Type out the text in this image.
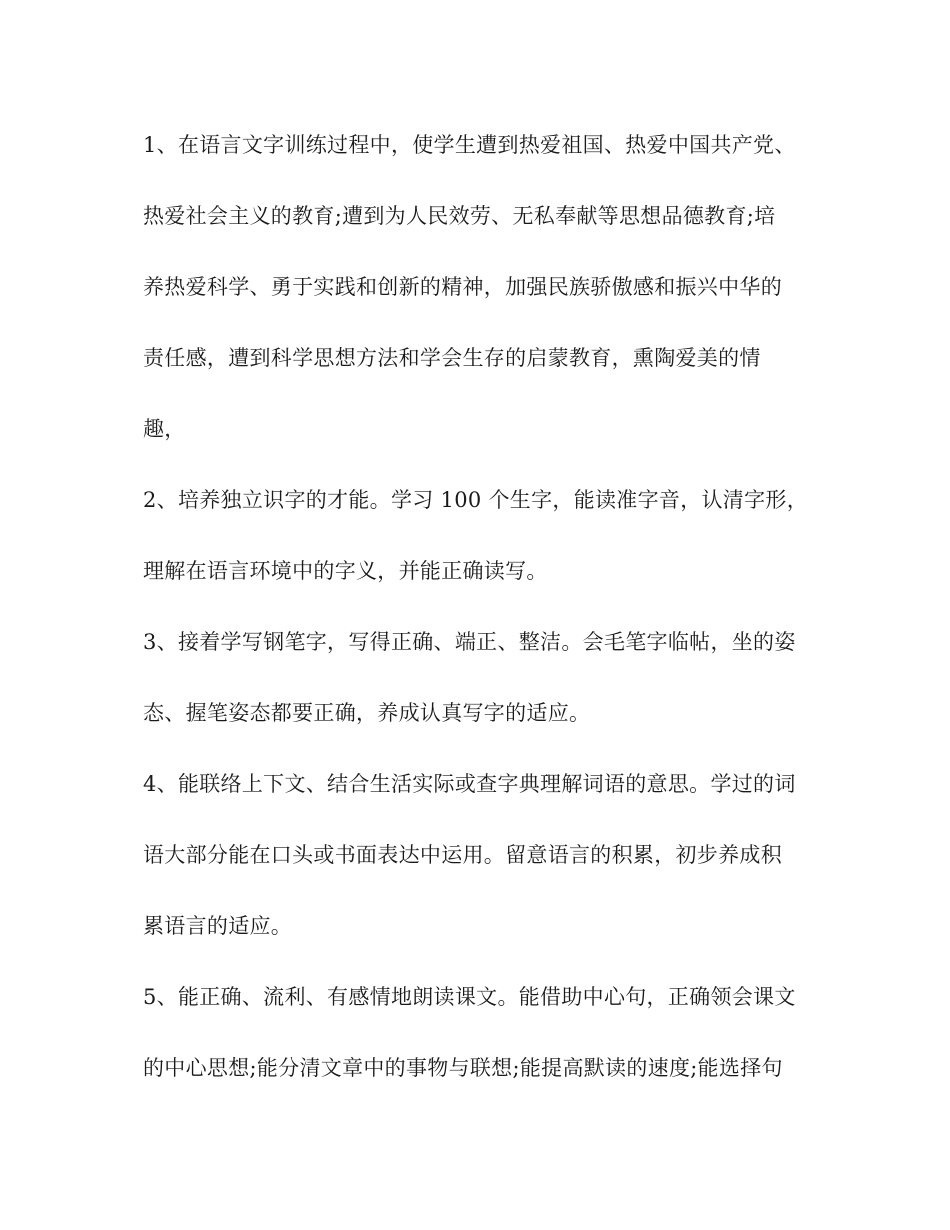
1、在语言文字训练过程中，使学生遭到热爱祖国、热爱中国共产党、
热爱社会主义的教育;遭到为人民效劳、无私奉献等思想品德教育;培
养热爱科学、勇于实践和创新的精神，加强民族骄傲感和振兴中华的
责任感，遭到科学思想方法和学会生存的启蒙教育，熏陶爱美的情
趣，
2、培养独立识字的才能。学习 100 个生字，能读准字音，认清字形，
理解在语言环境中的字义，并能正确读写。
3、接着学写钢笔字，写得正确、端正、整洁。会毛笔字临帖，坐的姿
态、握笔姿态都要正确，养成认真写字的适应。
4、能联络上下文、结合生活实际或查字典理解词语的意思。学过的词
语大部分能在口头或书面表达中运用。留意语言的积累，初步养成积
累语言的适应。
5、能正确、流利、有感情地朗读课文。能借助中心句，正确领会课文
的中心思想;能分清文章中的事物与联想;能提高默读的速度;能选择句
